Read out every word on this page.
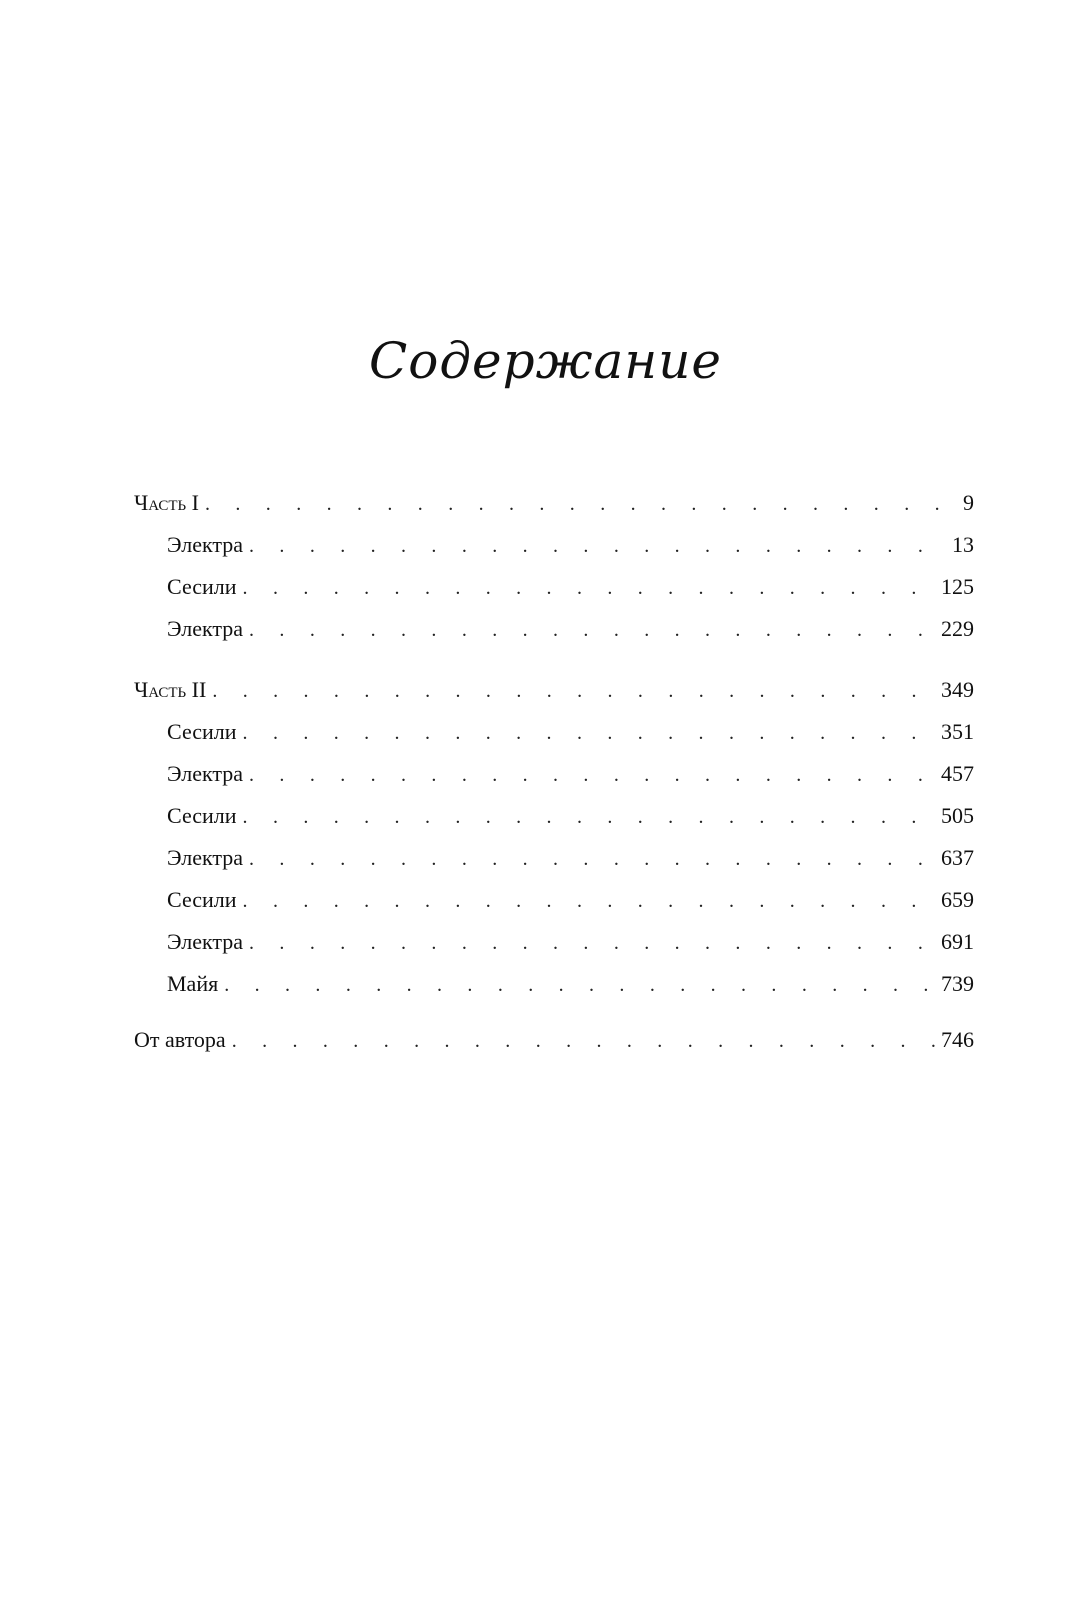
Содержание
Часть I . . .	9
Электра . . .	13
Сесили . . .	125
Электра . . .	229
Часть II . . .	349
Сесили . . .	351
Электра . . .	457
Сесили . . .	505
Электра . . .	637
Сесили . . .	659
Электра . . .	691
Майя . . .	739
От автора . . .	746
